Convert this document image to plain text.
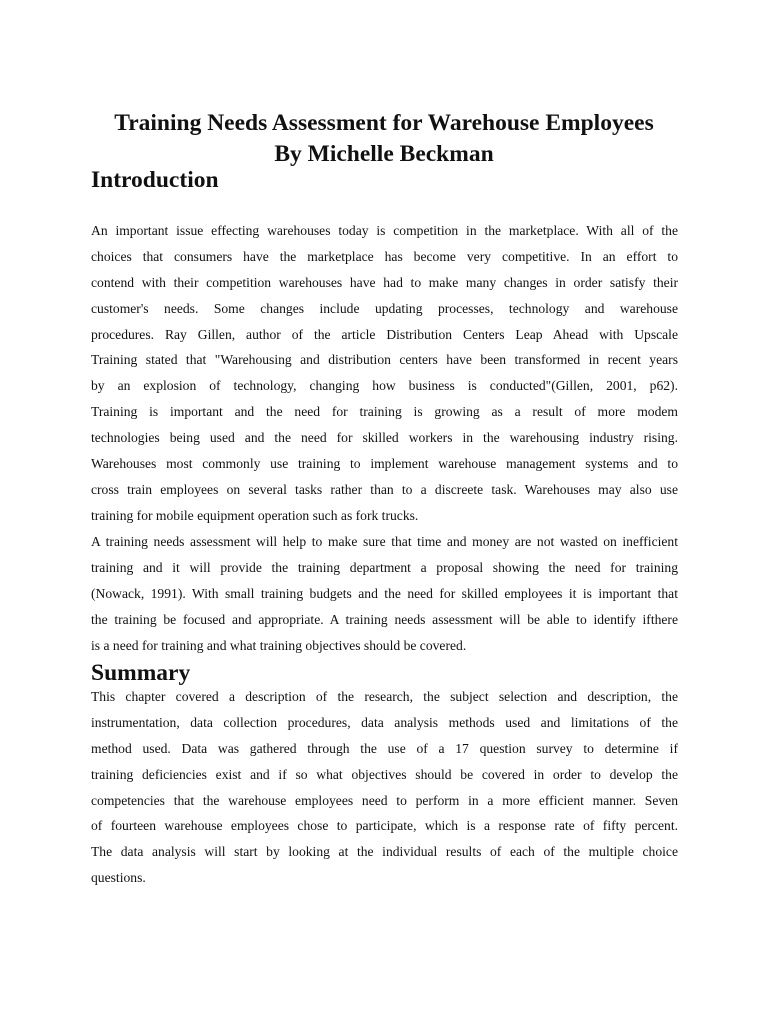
Training Needs Assessment for Warehouse Employees
By Michelle Beckman
Introduction

An important issue effecting warehouses today is competition in the marketplace. With all of the
choices that consumers have the marketplace has become very competitive. In an effort to
contend with their competition warehouses have had to make many changes in order satisfy their
customer's needs. Some changes include updating processes, technology and warehouse
procedures. Ray Gillen, author of the article Distribution Centers Leap Ahead with Upscale
Training stated that "Warehousing and distribution centers have been transformed in recent years
by an explosion of technology, changing how business is conducted"(Gillen, 2001, p62).
Training is important and the need for training is growing as a result of more modem
technologies being used and the need for skilled workers in the warehousing industry rising.
Warehouses most commonly use training to implement warehouse management systems and to
cross train employees on several tasks rather than to a discreete task. Warehouses may also use
training for mobile equipment operation such as fork trucks.

A training needs assessment will help to make sure that time and money are not wasted on inefficient
training and it will provide the training department a proposal showing the need for training
(Nowack, 1991). With small training budgets and the need for skilled employees it is important that
the training be focused and appropriate. A training needs assessment will be able to identify ifthere
is a need for training and what training objectives should be covered.

Summary

This chapter covered a description of the research, the subject selection and description, the
instrumentation, data collection procedures, data analysis methods used and limitations of the
method used. Data was gathered through the use of a 17 question survey to determine if
training deficiencies exist and if so what objectives should be covered in order to develop the
competencies that the warehouse employees need to perform in a more efficient manner. Seven
of fourteen warehouse employees chose to participate, which is a response rate of fifty percent.
The data analysis will start by looking at the individual results of each of the multiple choice
questions.
